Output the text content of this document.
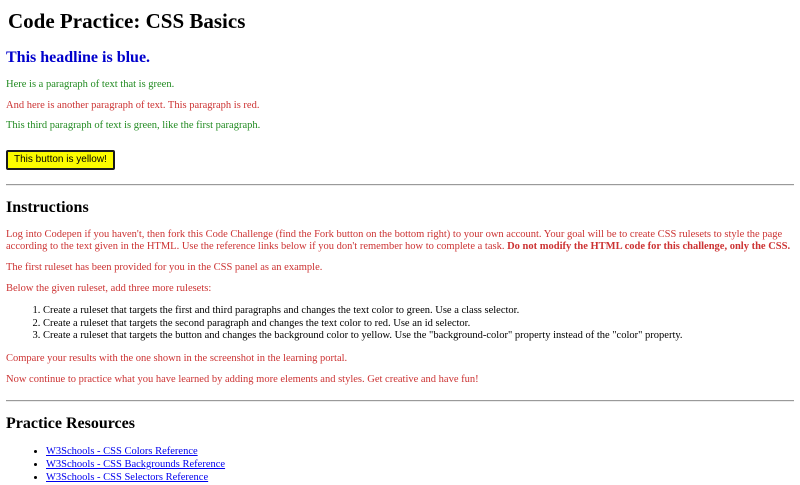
Code Practice: CSS Basics
This headline is blue.

Here is a paragraph of text that is green.

And here is another paragraph of text. This paragraph is red.

This third paragraph of text is green, like the first paragraph.

This button is yellow!
Instructions

Log into Codepen if you haven't, then fork this Code Challenge (find the Fork button on the bottom right) to your own account. Your goal will be to create CSS rulesets to style the page according to the text given in the HTML. Use the reference links below if you don't remember how to complete a task. Do not modify the HTML code for this challenge, only the CSS.

The first ruleset has been provided for you in the CSS panel as an example.

Below the given ruleset, add three more rulesets:

1. Create a ruleset that targets the first and third paragraphs and changes the text color to green. Use a class selector.
2. Create a ruleset that targets the second paragraph and changes the text color to red. Use an id selector.
3. Create a ruleset that targets the button and changes the background color to yellow. Use the "background-color" property instead of the "color" property.

Compare your results with the one shown in the screenshot in the learning portal.

Now continue to practice what you have learned by adding more elements and styles. Get creative and have fun!

Practice Resources
• W3Schools - CSS Colors Reference
• W3Schools - CSS Backgrounds Reference
• W3Schools - CSS Selectors Reference
